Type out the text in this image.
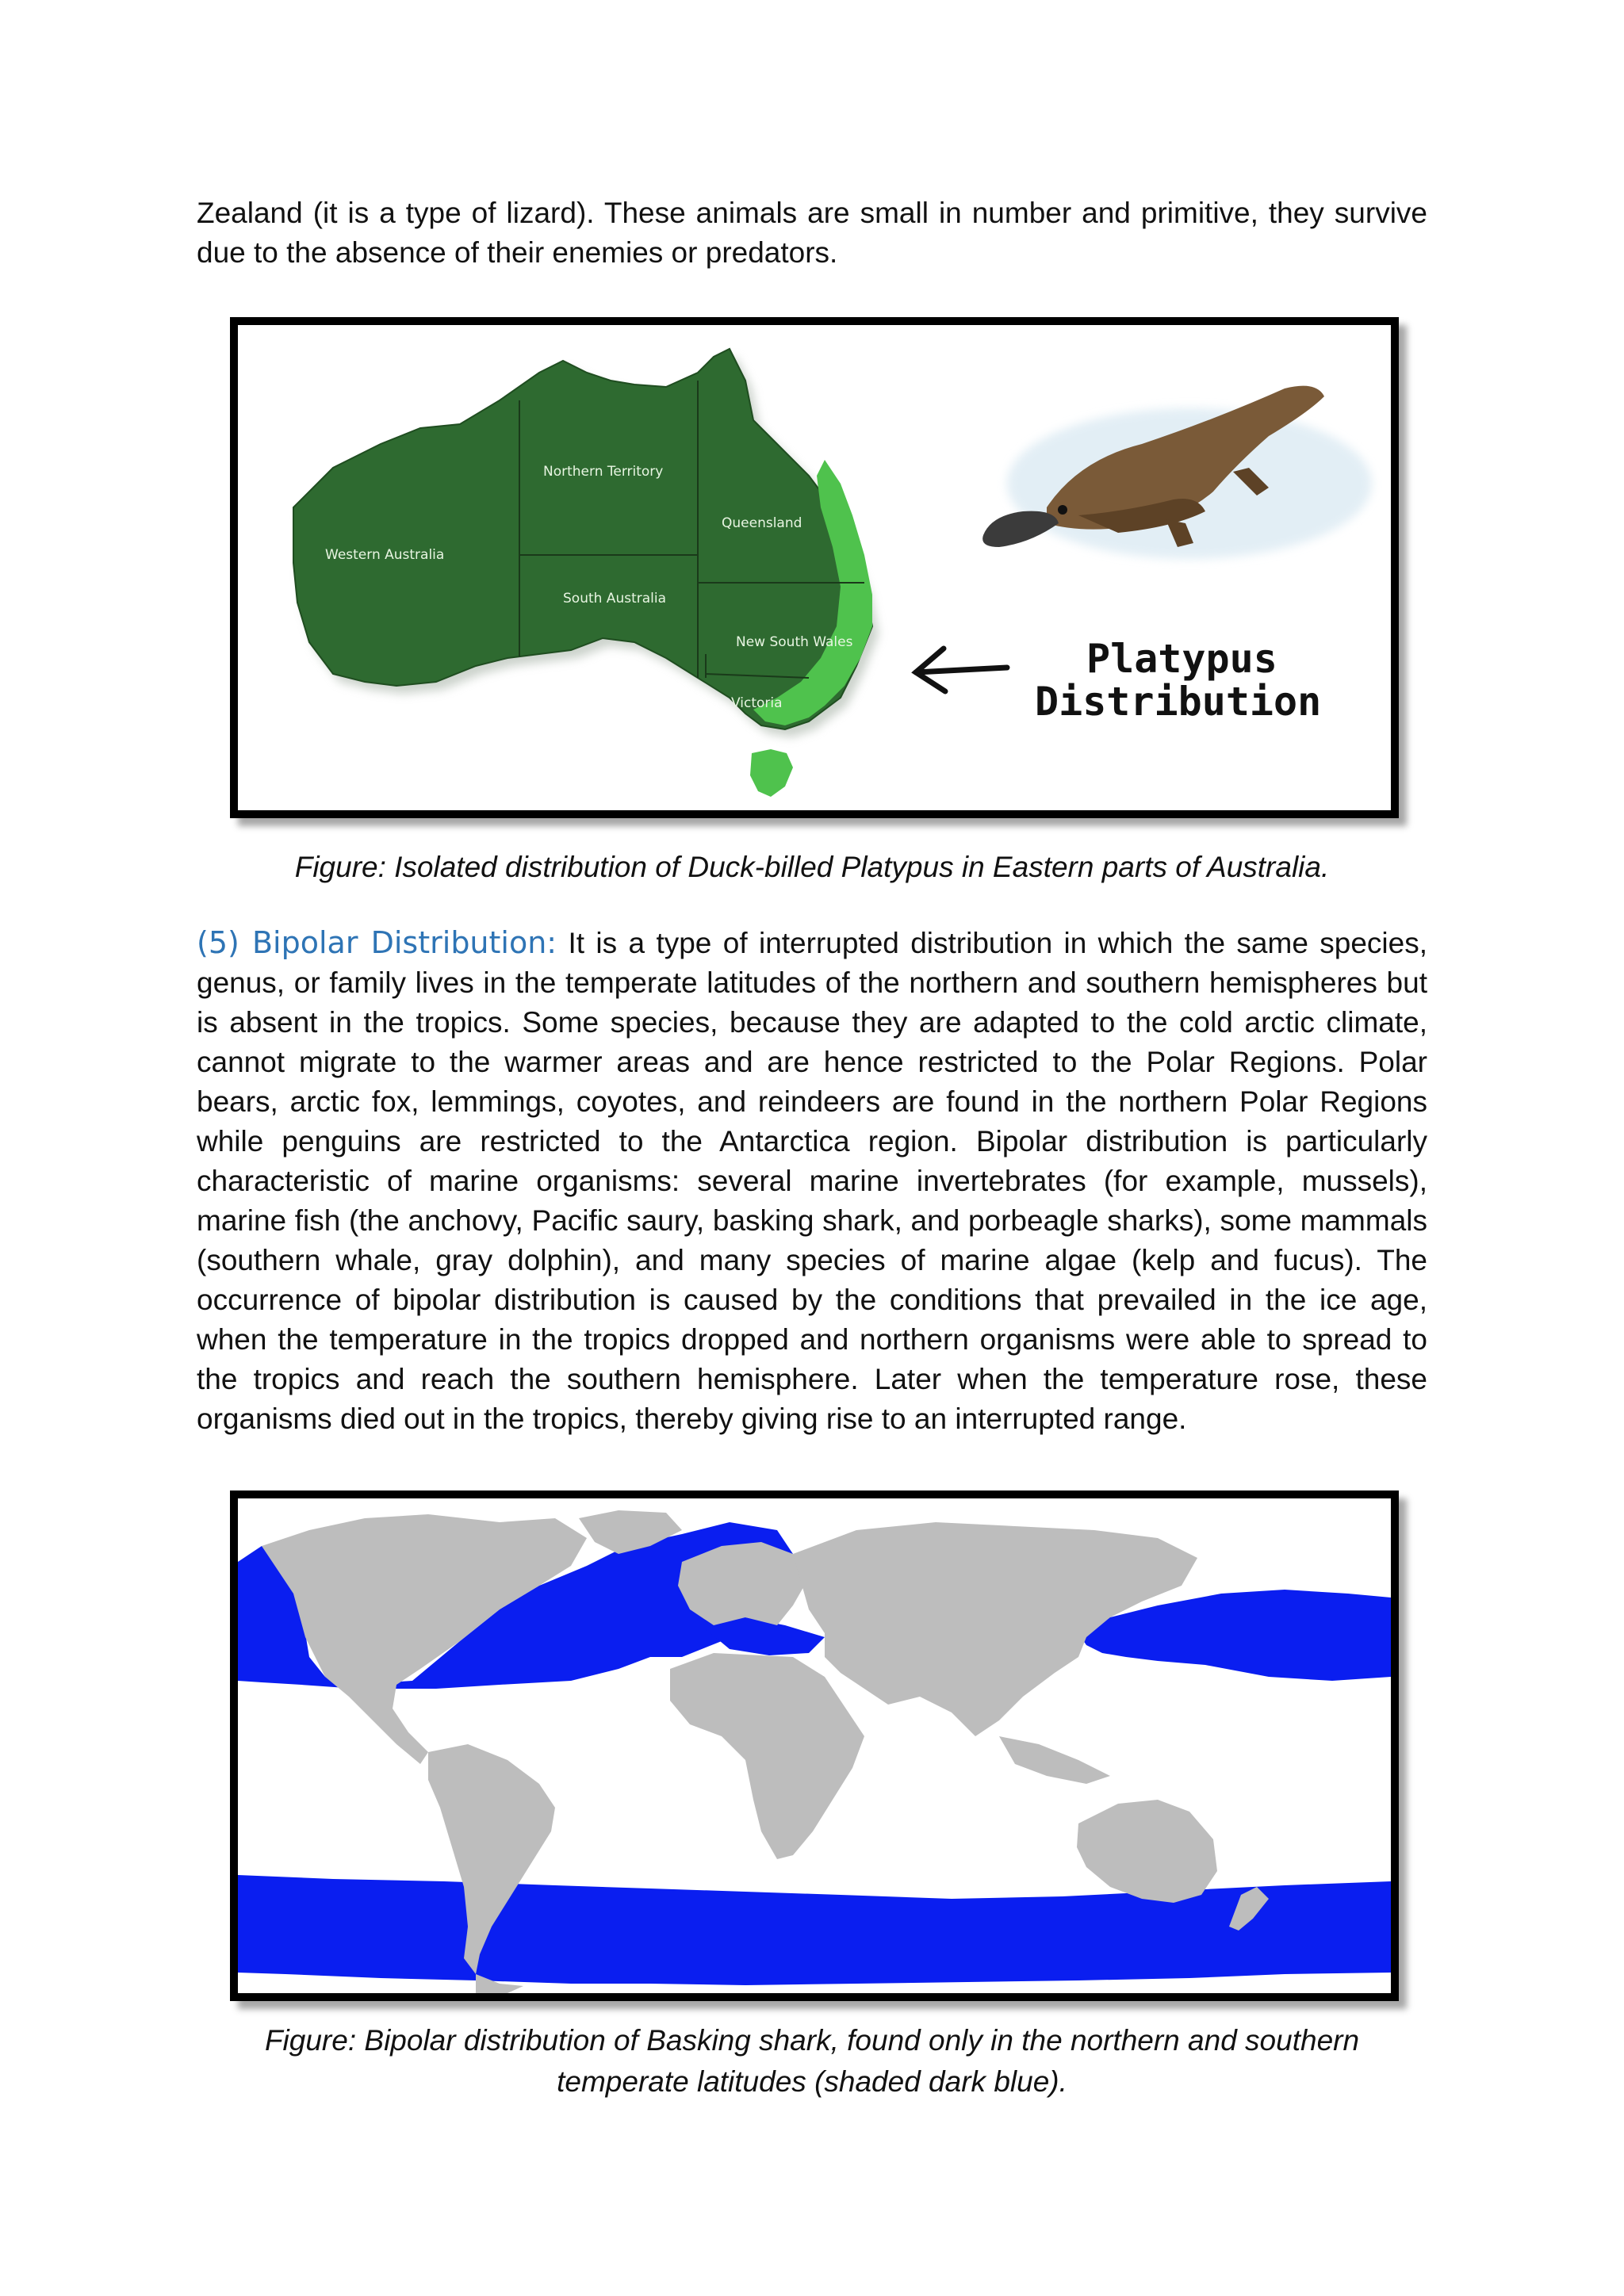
Zealand (it is a type of lizard). These animals are small in number and primitive, they survive due to the absence of their enemies or predators.

Northern Territory
Queensland
Western Australia
South Australia
New South Wales
Victoria
Platypus
Distribution

Figure: Isolated distribution of Duck-billed Platypus in Eastern parts of Australia.

(5) Bipolar Distribution: It is a type of interrupted distribution in which the same species, genus, or family lives in the temperate latitudes of the northern and southern hemispheres but is absent in the tropics. Some species, because they are adapted to the cold arctic climate, cannot migrate to the warmer areas and are hence restricted to the Polar Regions. Polar bears, arctic fox, lemmings, coyotes, and reindeers are found in the northern Polar Regions while penguins are restricted to the Antarctica region. Bipolar distribution is particularly characteristic of marine organisms: several marine invertebrates (for example, mussels), marine fish (the anchovy, Pacific saury, basking shark, and porbeagle sharks), some mammals (southern whale, gray dolphin), and many species of marine algae (kelp and fucus). The occurrence of bipolar distribution is caused by the conditions that prevailed in the ice age, when the temperature in the tropics dropped and northern organisms were able to spread to the tropics and reach the southern hemisphere. Later when the temperature rose, these organisms died out in the tropics, thereby giving rise to an interrupted range.

Figure: Bipolar distribution of Basking shark, found only in the northern and southern temperate latitudes (shaded dark blue).
